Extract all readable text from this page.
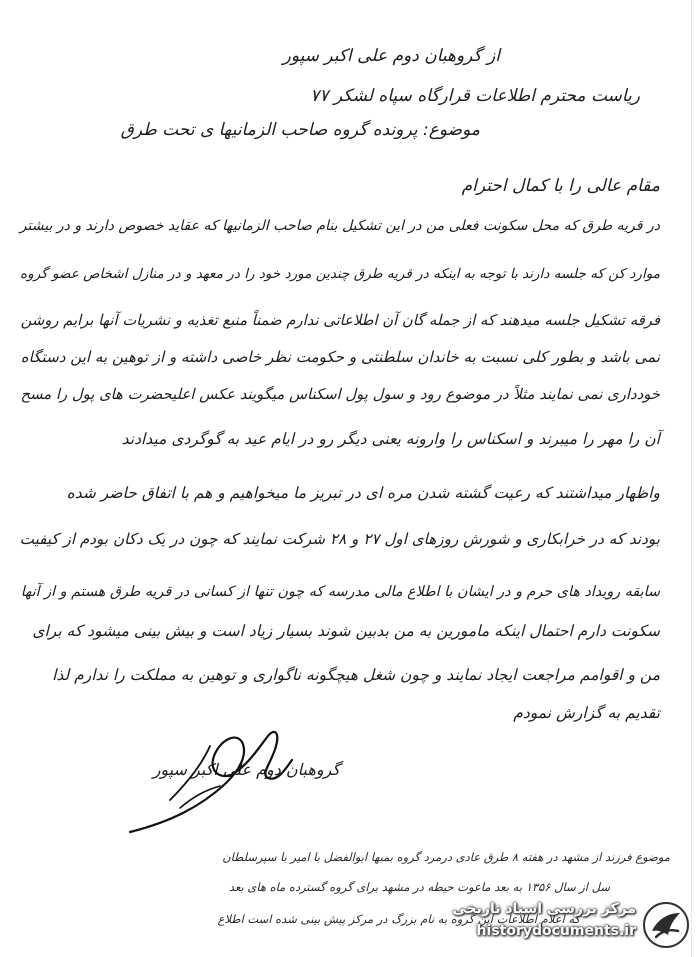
از گروهبان دوم علی اکبر سپور
ریاست محترم اطلاعات قرارگاه سپاه لشکر ۷۷
موضوع: پرونده گروه صاحب الزمانیها ی تحت طرق
مقام عالی را با کمال احترام
در قریه طرق که محل سکونت فعلی من در این تشکیل بنام صاحب الزمانیها که عقاید خصوص دارند و در بیشتر
موارد کن که جلسه دارند با توجه به اینکه در قریه طرق چندین مورد خود را در معهد و در منازل اشخاص عضو گروه
فرقه تشکیل جلسه میدهند که از جمله گان آن اطلاعاتی ندارم ضمناً منبع تغذیه و نشریات آنها برایم روشن
نمی باشد و بطور کلی نسبت به خاندان سلطنتی و حکومت نظر خاصی داشته و از توهین به این دستگاه
خودداری نمی نمایند مثلاً در موضوع رود و سول پول اسکناس میگویند عکس اعلیحضرت های پول را مسح
آن را مهر را میبرند و اسکناس را وارونه یعنی دیگر رو در ایام عید به گوگردی میدادند
واظهار میداشتند که رعیت گشته شدن مره ای در تبریز ما میخواهیم و هم با اتفاق حاضر شده
بودند که در خرابکاری و شورش روزهای اول ۲۷ و ۲۸ شرکت نمایند که چون در یک دکان بودم از کیفیت
سابقه رویداد های حرم و در ایشان با اطلاع مالی مدرسه که چون تنها از کسانی در قریه طرق هستم و از آنها
سکونت دارم احتمال اینکه مامورین به من بدبین شوند بسیار زیاد است و بیش بینی میشود که برای
من و اقوامم مراجعت ایجاد نمایند و چون شغل هیچگونه ناگواری و توهین به مملکت را ندارم لذا
تقدیم به گزارش نمودم
گروهبان دوم علی اکبر سپور
موضوع فرزند از مشهد در هفته ۸ طرق عادی درمرد گروه بمبها ابوالفضل با امیر با سپرسلطان
سل از سال ۱۳۵۶ به بعد ماعوت حیطه در مشهد برای گروه گسترده ماه های بعد
که اعلام اطلاعات این گروه به نام بزرگ در مرکز پیش بینی شده است اطلاع
مرکز بررسی اسناد تاریخی
historydocuments.ir
